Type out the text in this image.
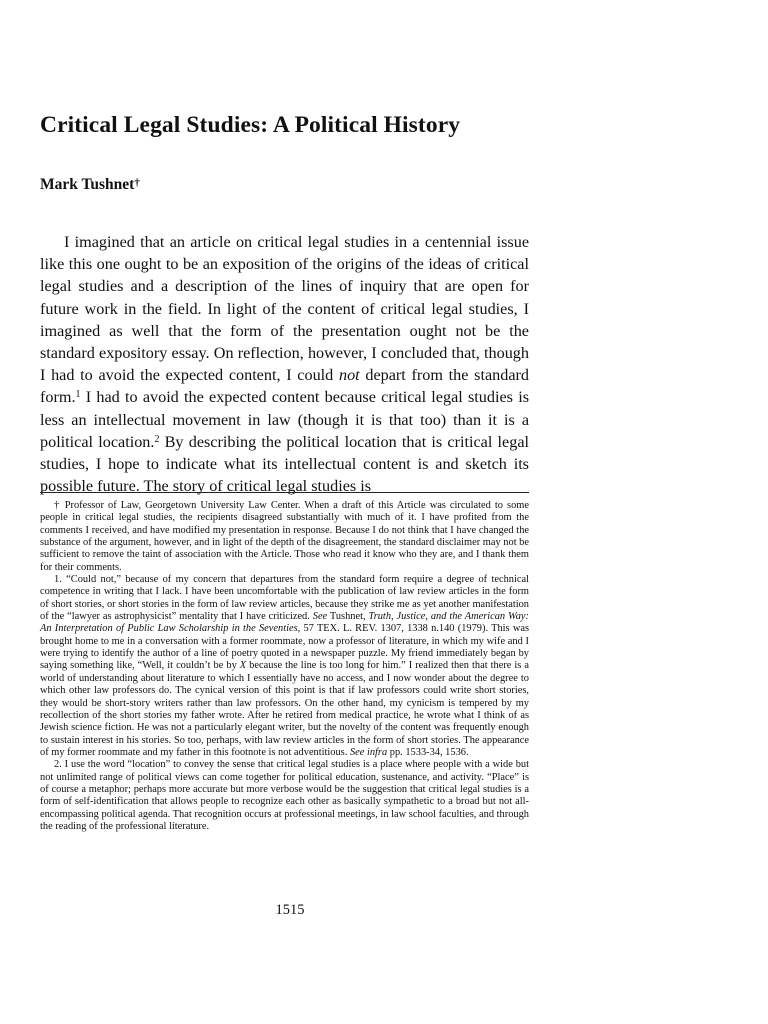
Critical Legal Studies: A Political History

Mark Tushnet†

I imagined that an article on critical legal studies in a centennial issue like this one ought to be an exposition of the origins of the ideas of critical legal studies and a description of the lines of inquiry that are open for future work in the field. In light of the content of critical legal studies, I imagined as well that the form of the presentation ought not be the standard expository essay. On reflection, however, I concluded that, though I had to avoid the expected content, I could not depart from the standard form.$^1$ I had to avoid the expected content because critical legal studies is less an intellectual movement in law (though it is that too) than it is a political location.$^2$ By describing the political location that is critical legal studies, I hope to indicate what its intellectual content is and sketch its possible future. The story of critical legal studies is

† Professor of Law, Georgetown University Law Center. When a draft of this Article was circulated to some people in critical legal studies, the recipients disagreed substantially with much of it. I have profited from the comments I received, and have modified my presentation in response. Because I do not think that I have changed the substance of the argument, however, and in light of the depth of the disagreement, the standard disclaimer may not be sufficient to remove the taint of association with the Article. Those who read it know who they are, and I thank them for their comments.

1. “Could not,” because of my concern that departures from the standard form require a degree of technical competence in writing that I lack. I have been uncomfortable with the publication of law review articles in the form of short stories, or short stories in the form of law review articles, because they strike me as yet another manifestation of the “lawyer as astrophysicist” mentality that I have criticized. See Tushnet, Truth, Justice, and the American Way: An Interpretation of Public Law Scholarship in the Seventies, 57 TEX. L. REV. 1307, 1338 n.140 (1979). This was brought home to me in a conversation with a former roommate, now a professor of literature, in which my wife and I were trying to identify the author of a line of poetry quoted in a newspaper puzzle. My friend immediately began by saying something like, “Well, it couldn’t be by X because the line is too long for him.” I realized then that there is a world of understanding about literature to which I essentially have no access, and I now wonder about the degree to which other law professors do. The cynical version of this point is that if law professors could write short stories, they would be short-story writers rather than law professors. On the other hand, my cynicism is tempered by my recollection of the short stories my father wrote. After he retired from medical practice, he wrote what I think of as Jewish science fiction. He was not a particularly elegant writer, but the novelty of the content was frequently enough to sustain interest in his stories. So too, perhaps, with law review articles in the form of short stories. The appearance of my former roommate and my father in this footnote is not adventitious. See infra pp. 1533-34, 1536.

2. I use the word “location” to convey the sense that critical legal studies is a place where people with a wide but not unlimited range of political views can come together for political education, sustenance, and activity. “Place” is of course a metaphor; perhaps more accurate but more verbose would be the suggestion that critical legal studies is a form of self-identification that allows people to recognize each other as basically sympathetic to a broad but not all-encompassing political agenda. That recognition occurs at professional meetings, in law school faculties, and through the reading of the professional literature.

1515
